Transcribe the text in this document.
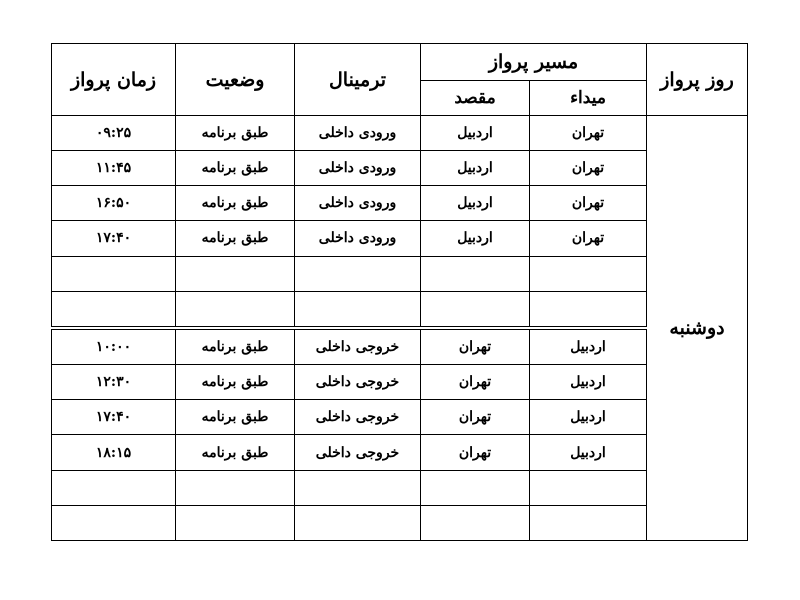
روز پرواز	مسیر پرواز		ترمینال	وضعیت	زمان پرواز
	میداء	مقصد			
دوشنبه	تهران	اردبیل	ورودی داخلی	طبق برنامه	۰۹:۲۵
	تهران	اردبیل	ورودی داخلی	طبق برنامه	۱۱:۴۵
	تهران	اردبیل	ورودی داخلی	طبق برنامه	۱۶:۵۰
	تهران	اردبیل	ورودی داخلی	طبق برنامه	۱۷:۴۰

	اردبیل	تهران	خروجی داخلی	طبق برنامه	۱۰:۰۰
	اردبیل	تهران	خروجی داخلی	طبق برنامه	۱۲:۳۰
	اردبیل	تهران	خروجی داخلی	طبق برنامه	۱۷:۴۰
	اردبیل	تهران	خروجی داخلی	طبق برنامه	۱۸:۱۵
